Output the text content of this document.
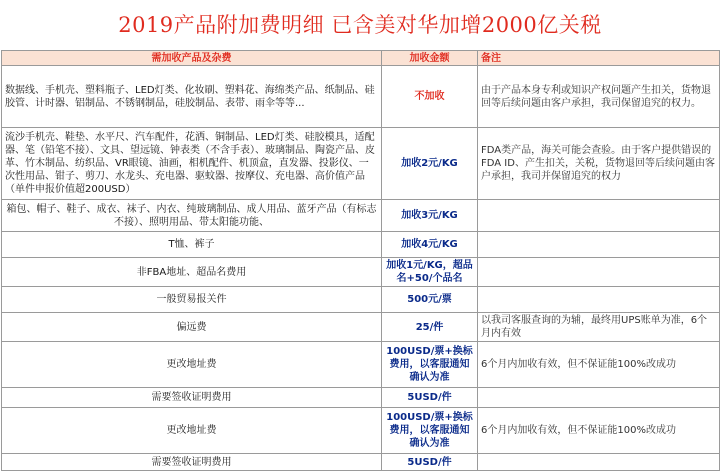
2019产品附加费明细 已含美对华加增2000亿关税
需加收产品及杂费	加收金额	备注
数据线、手机壳、塑料瓶子、LED灯类、化妆刷、塑料花、海绵类产品、纸制品、硅胶管、计时器、铝制品、不锈钢制品，硅胶制品、表带、雨伞等等...	不加收	由于产品本身专利或知识产权问题产生扣关，货物退回等后续问题由客户承担，我司保留追究的权力。
流沙手机壳、鞋垫、水平尺、汽车配件，花洒、铜制品、LED灯类、硅胶模具，适配器、笔（铅笔不接）、文具、望远镜、钟表类（不含手表）、玻璃制品、陶瓷产品、皮革、竹木制品、纺织品、VR眼镜、油画，相机配件、机顶盒，直发器、投影仪、一次性用品、钳子、剪刀、水龙头、充电器、驱蚊器、按摩仪、充电器、高价值产品（单件申报价值超200USD）	加收2元/KG	FDA类产品，海关可能会查验。由于客户提供错误的FDA ID、产生扣关，关税，货物退回等后续问题由客户承担，我司并保留追究的权力
箱包、帽子、鞋子、成衣、袜子、内衣、纯玻璃制品、成人用品、蓝牙产品（有标志不接）、照明用品、带太阳能功能、	加收3元/KG	
T恤、裤子	加收4元/KG	
非FBA地址、超品名费用	加收1元/KG，超品名+50/个品名	
一般贸易报关件	500元/票	
偏远费	25/件	以我司客服查询的为辅，最终用UPS账单为准，6个月内有效
更改地址费	100USD/票+换标费用，以客服通知确认为准	6个月内加收有效，但不保证能100%改成功
需要签收证明费用	5USD/件	
更改地址费	100USD/票+换标费用，以客服通知确认为准	6个月内加收有效，但不保证能100%改成功
需要签收证明费用	5USD/件	
